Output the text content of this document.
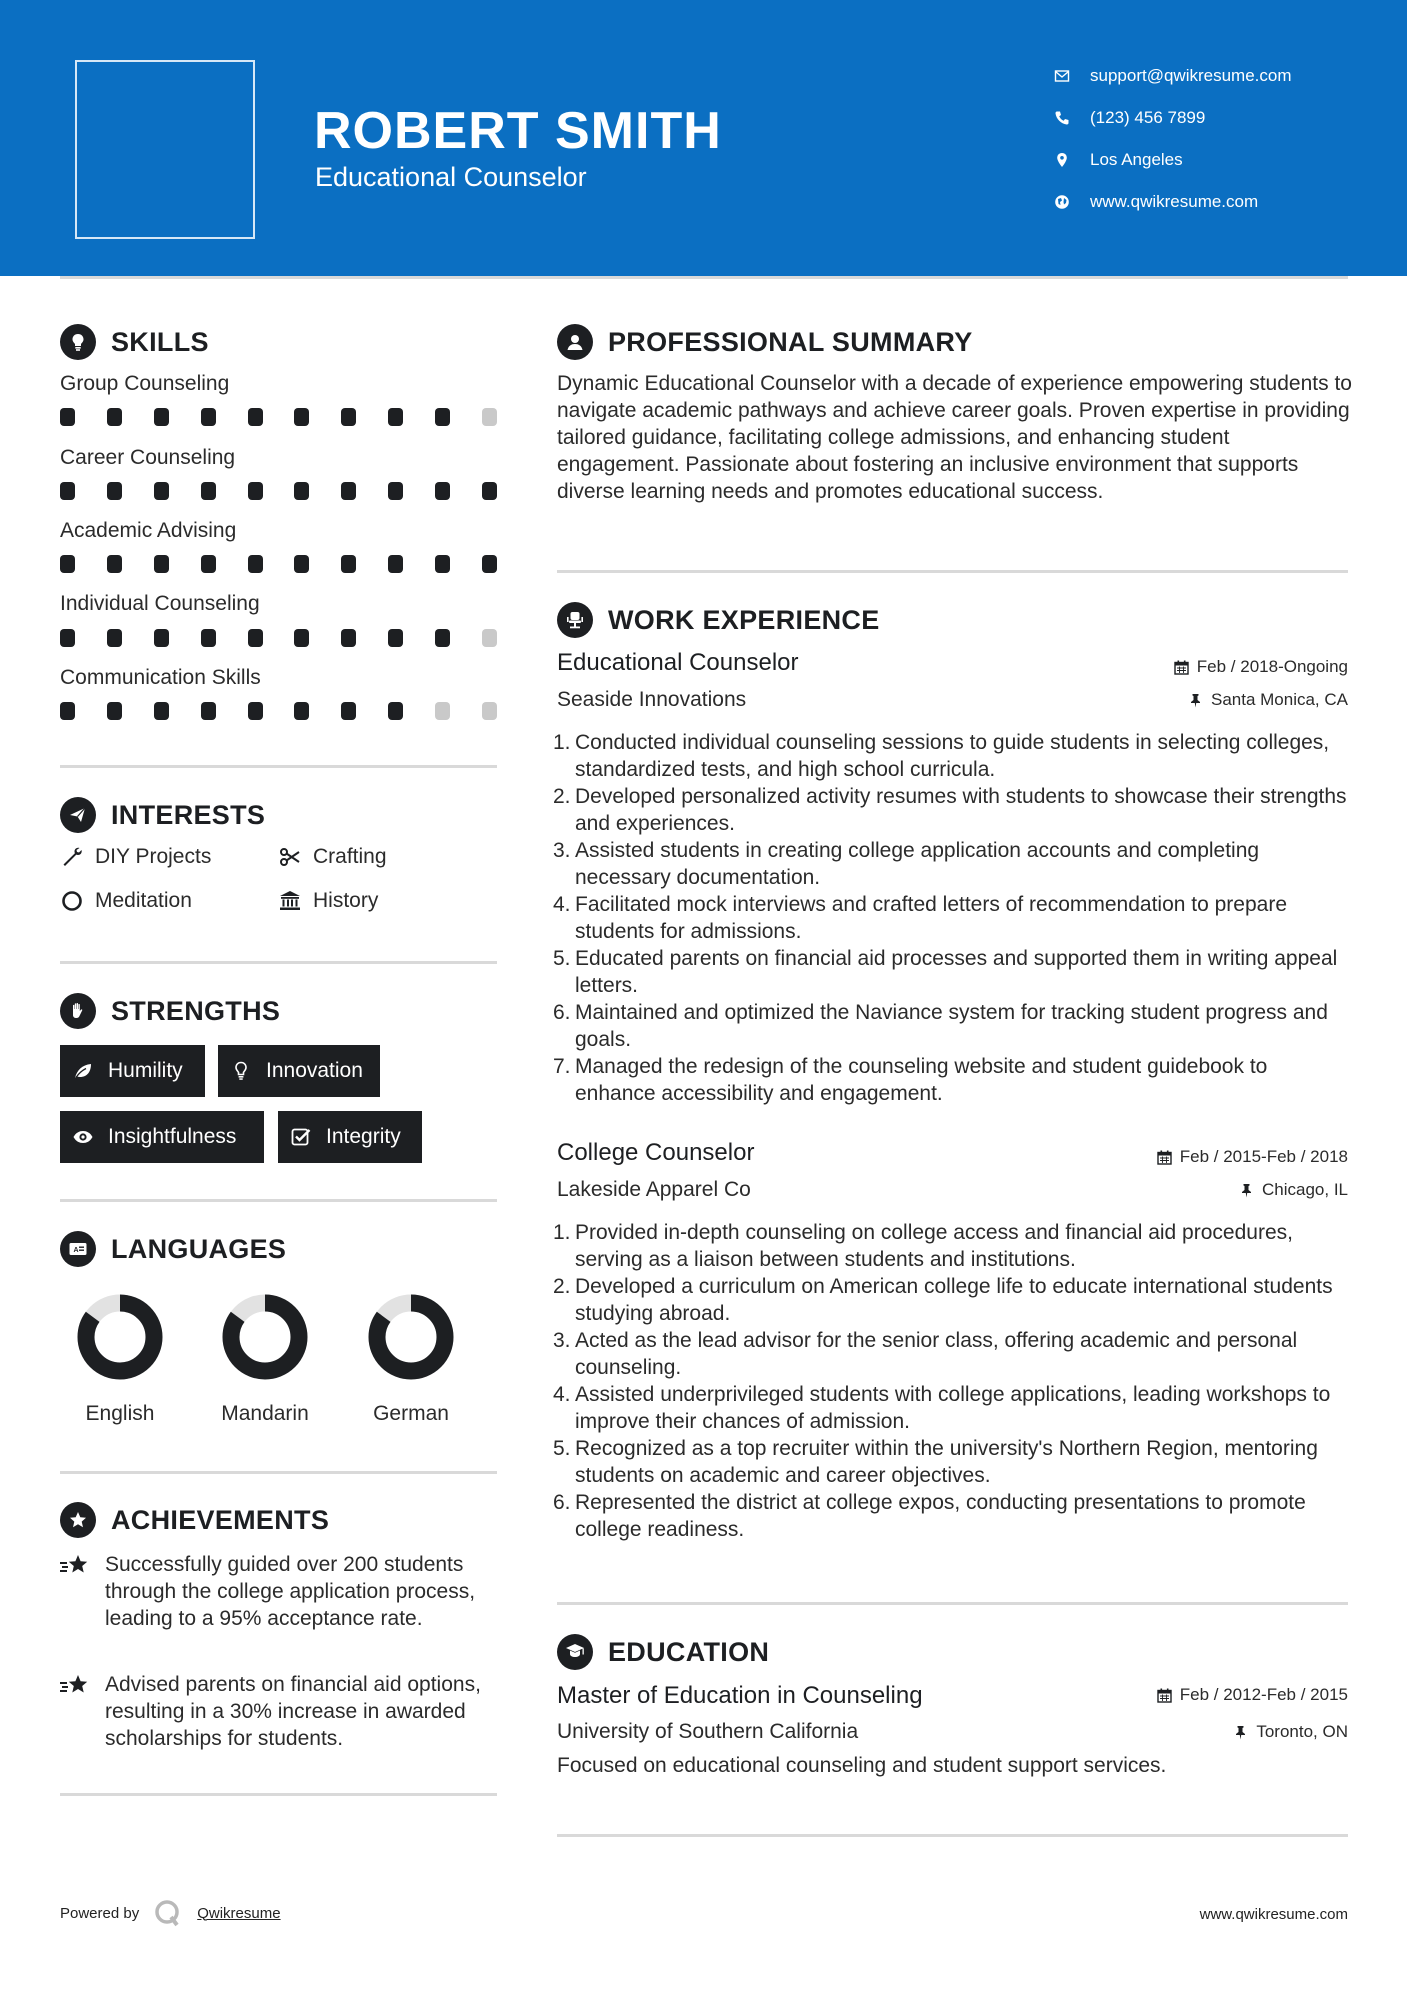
ROBERT SMITH
Educational Counselor
support@qwikresume.com
(123) 456 7899
Los Angeles
www.qwikresume.com
SKILLS
Group Counseling
Career Counseling
Academic Advising
Individual Counseling
Communication Skills
INTERESTS
DIY Projects	Crafting
Meditation	History
STRENGTHS
Humility	Innovation
Insightfulness	Integrity
A LANGUAGES
English	Mandarin	German
ACHIEVEMENTS
Successfully guided over 200 students through the college application process, leading to a 95% acceptance rate.
Advised parents on financial aid options, resulting in a 30% increase in awarded scholarships for students.
PROFESSIONAL SUMMARY
Dynamic Educational Counselor with a decade of experience empowering students to navigate academic pathways and achieve career goals. Proven expertise in providing tailored guidance, facilitating college admissions, and enhancing student engagement. Passionate about fostering an inclusive environment that supports diverse learning needs and promotes educational success.
WORK EXPERIENCE
Educational Counselor	Feb / 2018-Ongoing
Seaside Innovations	Santa Monica, CA
1. Conducted individual counseling sessions to guide students in selecting colleges, standardized tests, and high school curricula.
2. Developed personalized activity resumes with students to showcase their strengths and experiences.
3. Assisted students in creating college application accounts and completing necessary documentation.
4. Facilitated mock interviews and crafted letters of recommendation to prepare students for admissions.
5. Educated parents on financial aid processes and supported them in writing appeal letters.
6. Maintained and optimized the Naviance system for tracking student progress and goals.
7. Managed the redesign of the counseling website and student guidebook to enhance accessibility and engagement.
College Counselor	Feb / 2015-Feb / 2018
Lakeside Apparel Co	Chicago, IL
1. Provided in-depth counseling on college access and financial aid procedures, serving as a liaison between students and institutions.
2. Developed a curriculum on American college life to educate international students studying abroad.
3. Acted as the lead advisor for the senior class, offering academic and personal counseling.
4. Assisted underprivileged students with college applications, leading workshops to improve their chances of admission.
5. Recognized as a top recruiter within the university's Northern Region, mentoring students on academic and career objectives.
6. Represented the district at college expos, conducting presentations to promote college readiness.
EDUCATION
Master of Education in Counseling	Feb / 2012-Feb / 2015
University of Southern California	Toronto, ON
Focused on educational counseling and student support services.
Powered by	Qwikresume	www.qwikresume.com
